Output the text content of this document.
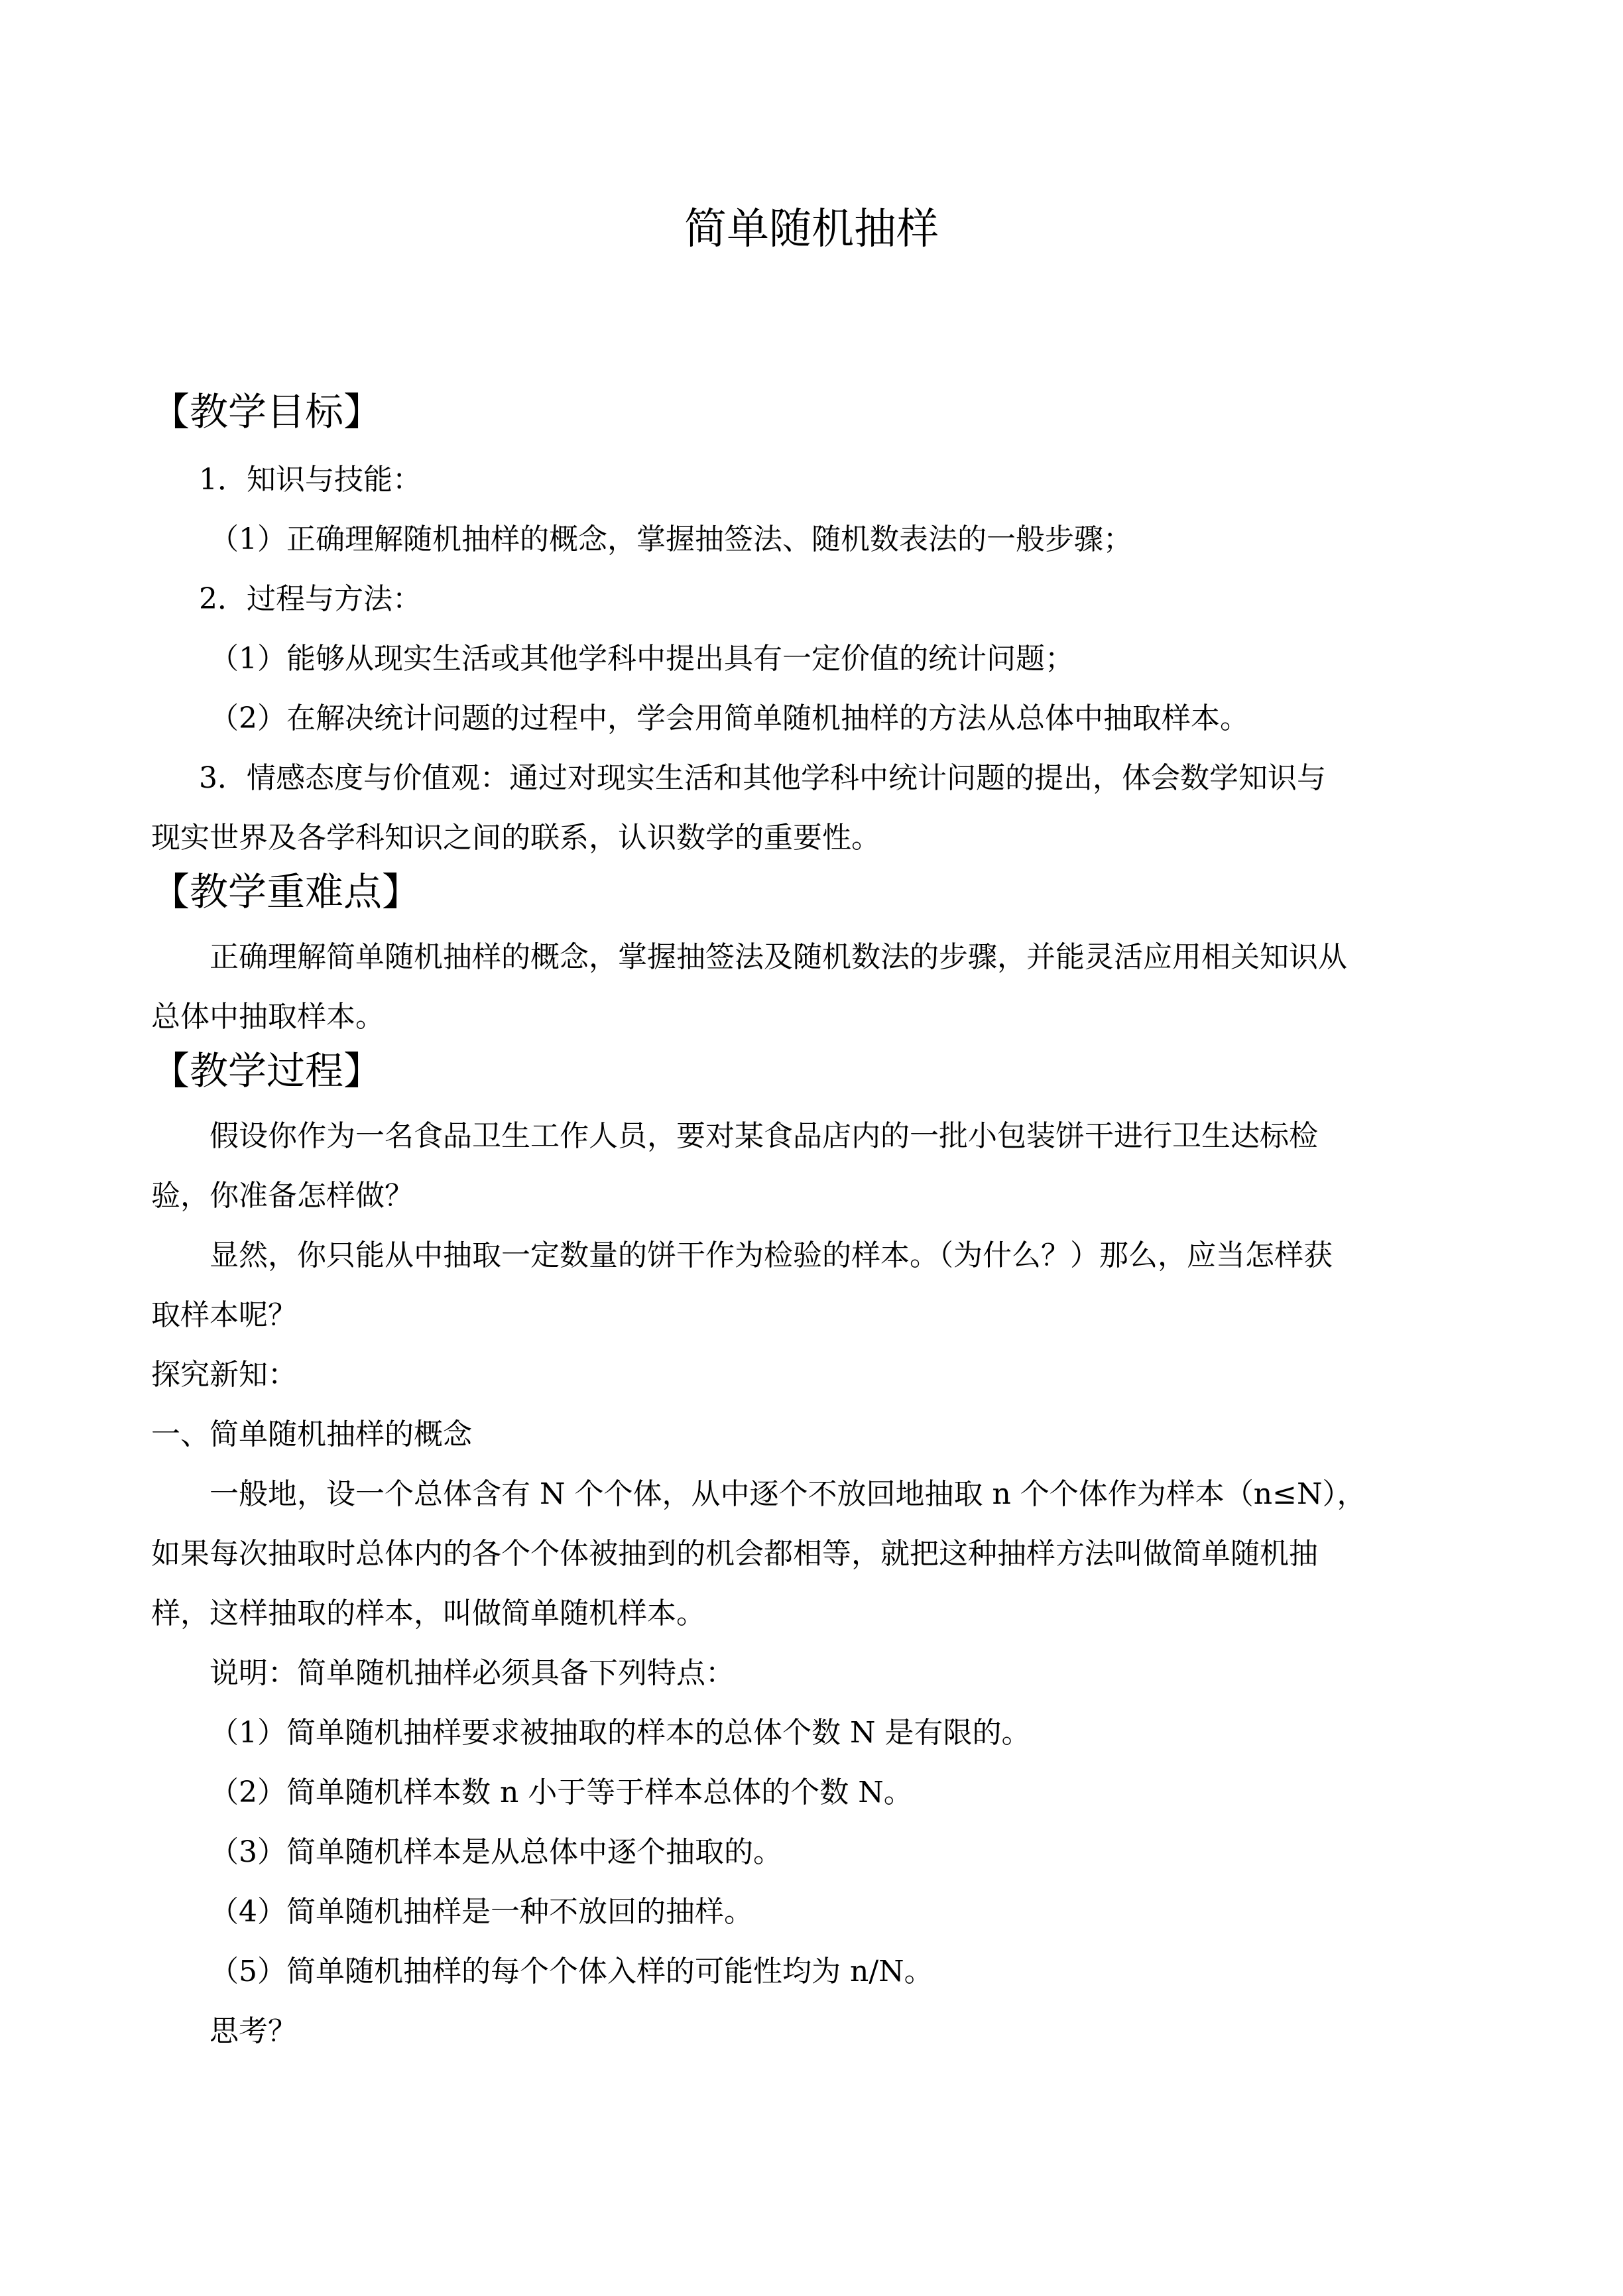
简单随机抽样
【教学目标】
1．知识与技能：
（1）正确理解随机抽样的概念，掌握抽签法、随机数表法的一般步骤；
2．过程与方法：
（1）能够从现实生活或其他学科中提出具有一定价值的统计问题；
（2）在解决统计问题的过程中，学会用简单随机抽样的方法从总体中抽取样本。
3．情感态度与价值观：通过对现实生活和其他学科中统计问题的提出，体会数学知识与
现实世界及各学科知识之间的联系，认识数学的重要性。
【教学重难点】
正确理解简单随机抽样的概念，掌握抽签法及随机数法的步骤，并能灵活应用相关知识从
总体中抽取样本。
【教学过程】
假设你作为一名食品卫生工作人员，要对某食品店内的一批小包装饼干进行卫生达标检
验，你准备怎样做？
显然，你只能从中抽取一定数量的饼干作为检验的样本。（为什么？）那么，应当怎样获
取样本呢？
探究新知：
一、简单随机抽样的概念
一般地，设一个总体含有 N 个个体，从中逐个不放回地抽取 n 个个体作为样本（n≤N），
如果每次抽取时总体内的各个个体被抽到的机会都相等，就把这种抽样方法叫做简单随机抽
样，这样抽取的样本，叫做简单随机样本。
说明：简单随机抽样必须具备下列特点：
（1）简单随机抽样要求被抽取的样本的总体个数 N 是有限的。
（2）简单随机样本数 n 小于等于样本总体的个数 N。
（3）简单随机样本是从总体中逐个抽取的。
（4）简单随机抽样是一种不放回的抽样。
（5）简单随机抽样的每个个体入样的可能性均为 n/N。
思考？
